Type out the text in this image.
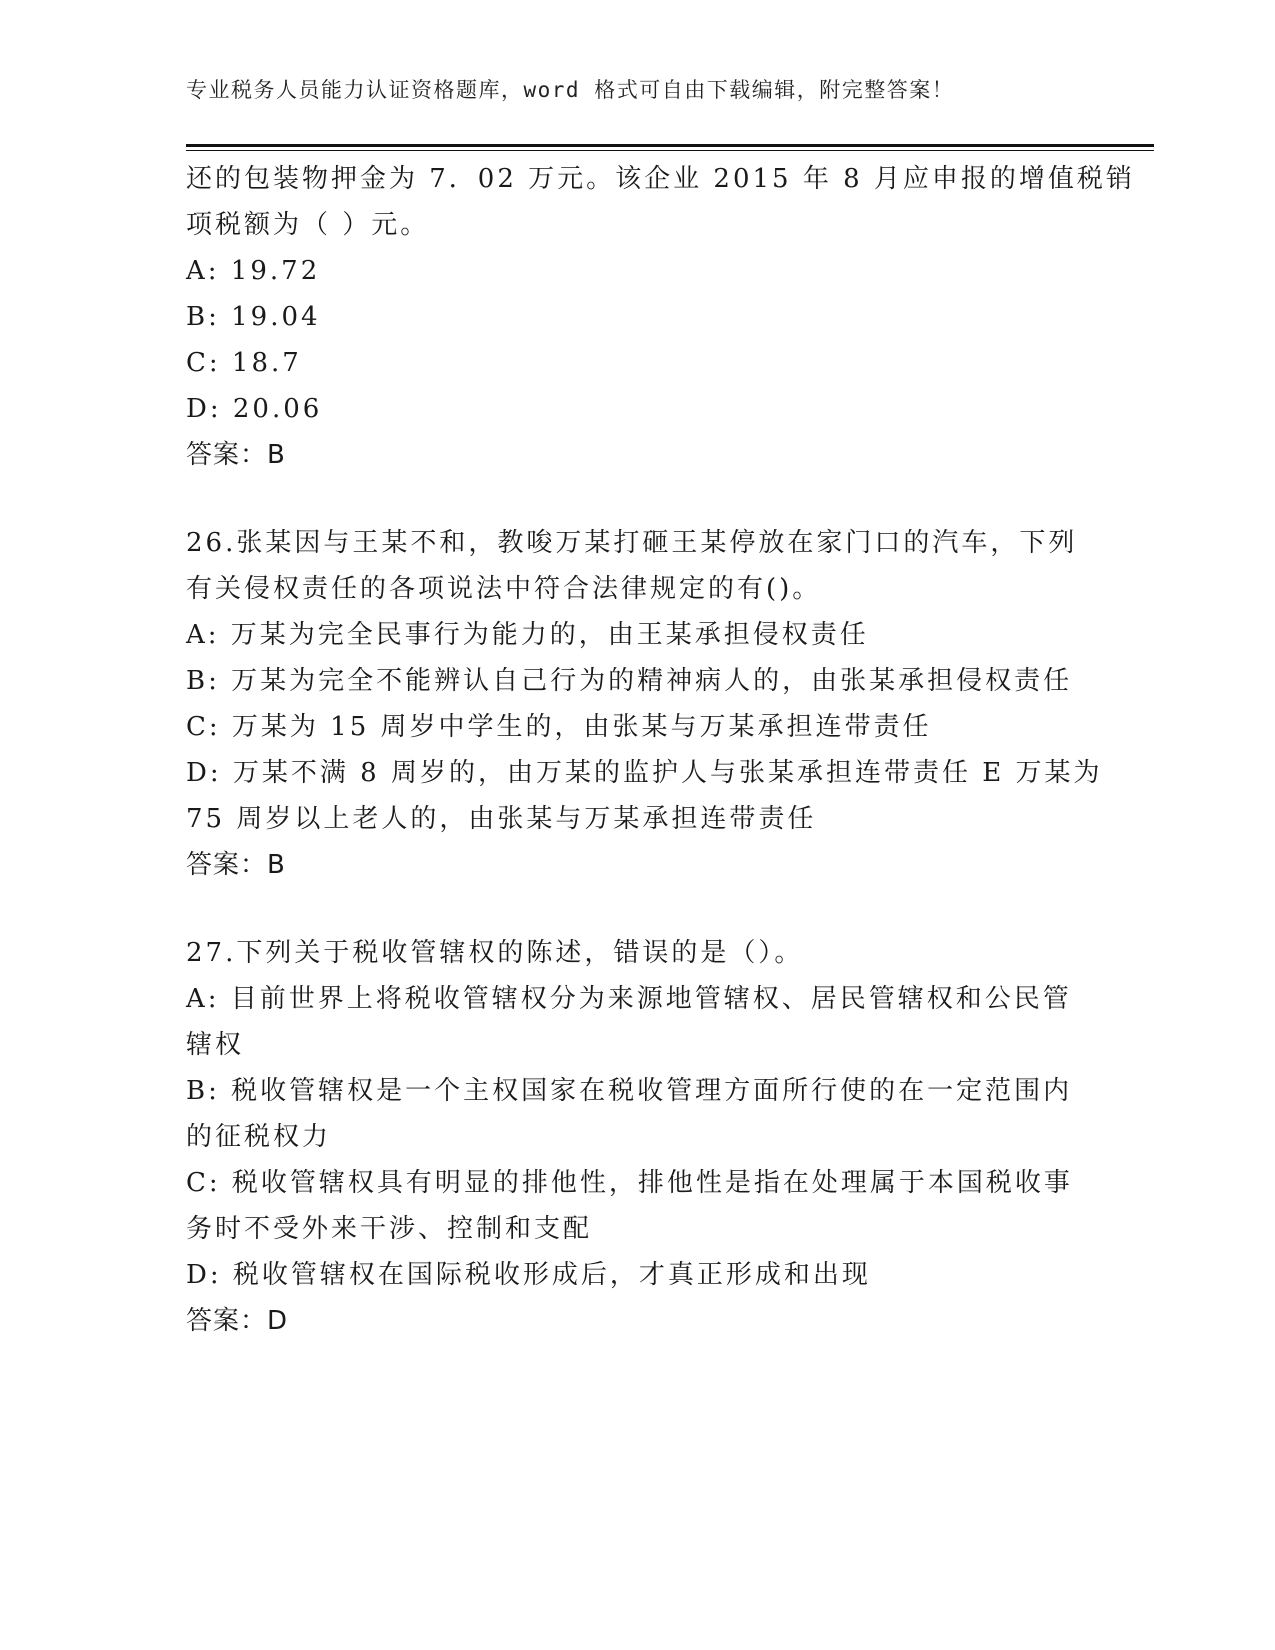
专业税务人员能力认证资格题库，word 格式可自由下载编辑，附完整答案！
还的包装物押金为 7．02 万元。该企业 2015 年 8 月应申报的增值税销
项税额为（ ）元。
A: 19.72
B: 19.04
C: 18.7
D: 20.06
答案：B
26.张某因与王某不和，教唆万某打砸王某停放在家门口的汽车，下列
有关侵权责任的各项说法中符合法律规定的有()。
A: 万某为完全民事行为能力的，由王某承担侵权责任
B: 万某为完全不能辨认自己行为的精神病人的，由张某承担侵权责任
C: 万某为 15 周岁中学生的，由张某与万某承担连带责任
D: 万某不满 8 周岁的，由万某的监护人与张某承担连带责任 E 万某为
75 周岁以上老人的，由张某与万某承担连带责任
答案：B
27.下列关于税收管辖权的陈述，错误的是（）。
A: 目前世界上将税收管辖权分为来源地管辖权、居民管辖权和公民管
辖权
B: 税收管辖权是一个主权国家在税收管理方面所行使的在一定范围内
的征税权力
C: 税收管辖权具有明显的排他性，排他性是指在处理属于本国税收事
务时不受外来干涉、控制和支配
D: 税收管辖权在国际税收形成后，才真正形成和出现
答案：D
